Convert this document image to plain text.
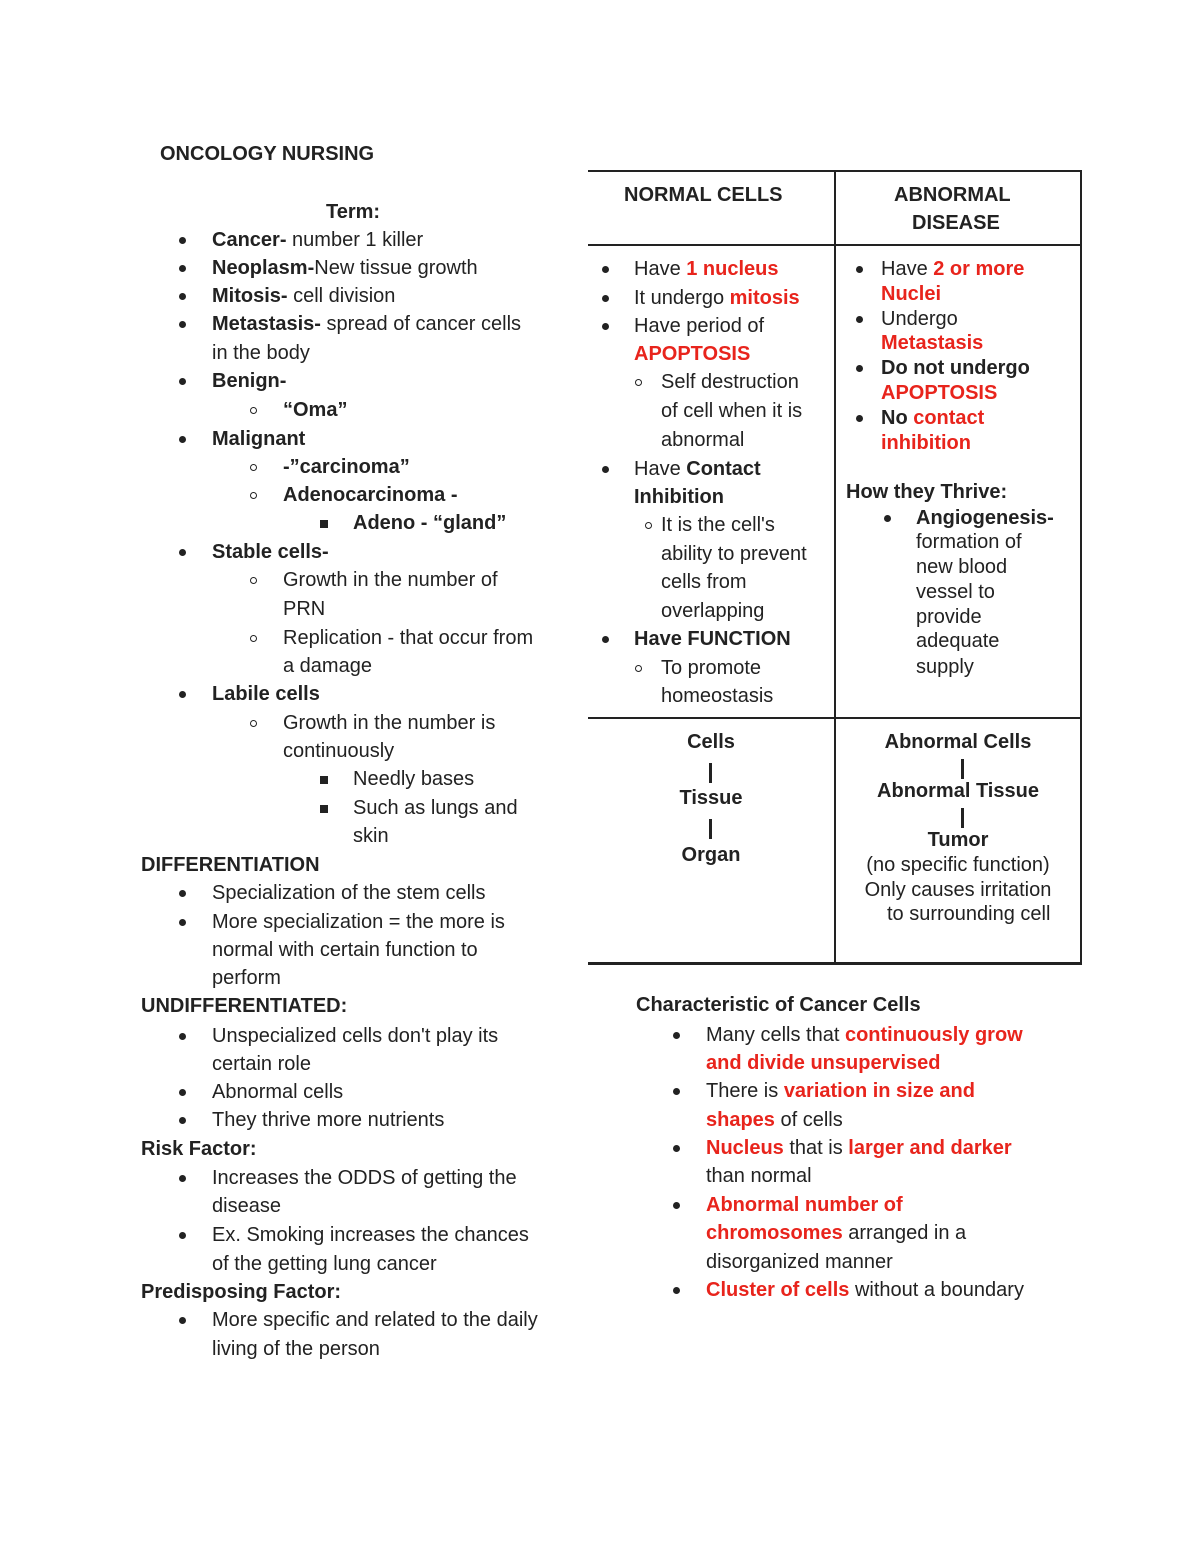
ONCOLOGY NURSING
Term:
Cancer- number 1 killer
Neoplasm-New tissue growth
Mitosis- cell division
Metastasis- spread of cancer cells
in the body
Benign-
“Oma”
Malignant
-”carcinoma”
Adenocarcinoma -
Adeno - “gland”
Stable cells-
Growth in the number of
PRN
Replication - that occur from
a damage
Labile cells
Growth in the number is
continuously
Needly bases
Such as lungs and
skin
DIFFERENTIATION
Specialization of the stem cells
More specialization = the more is
normal with certain function to
perform
UNDIFFERENTIATED:
Unspecialized cells don't play its
certain role
Abnormal cells
They thrive more nutrients
Risk Factor:
Increases the ODDS of getting the
disease
Ex. Smoking increases the chances
of the getting lung cancer
Predisposing Factor:
More specific and related to the daily
living of the person
NORMAL CELLS	ABNORMAL
DISEASE
Have 1 nucleus
It undergo mitosis
Have period of
APOPTOSIS
Self destruction
of cell when it is
abnormal
Have Contact
Inhibition
It is the cell's
ability to prevent
cells from
overlapping
Have FUNCTION
To promote
homeostasis
Have 2 or more
Nuclei
Undergo
Metastasis
Do not undergo
APOPTOSIS
No contact
inhibition
How they Thrive:
Angiogenesis-
formation of
new blood
vessel to
provide
adequate
supply
Cells
Tissue
Organ
Abnormal Cells
Abnormal Tissue
Tumor
(no specific function)
Only causes irritation
to surrounding cell
Characteristic of Cancer Cells
Many cells that continuously grow
and divide unsupervised
There is variation in size and
shapes of cells
Nucleus that is larger and darker
than normal
Abnormal number of
chromosomes arranged in a
disorganized manner
Cluster of cells without a boundary
